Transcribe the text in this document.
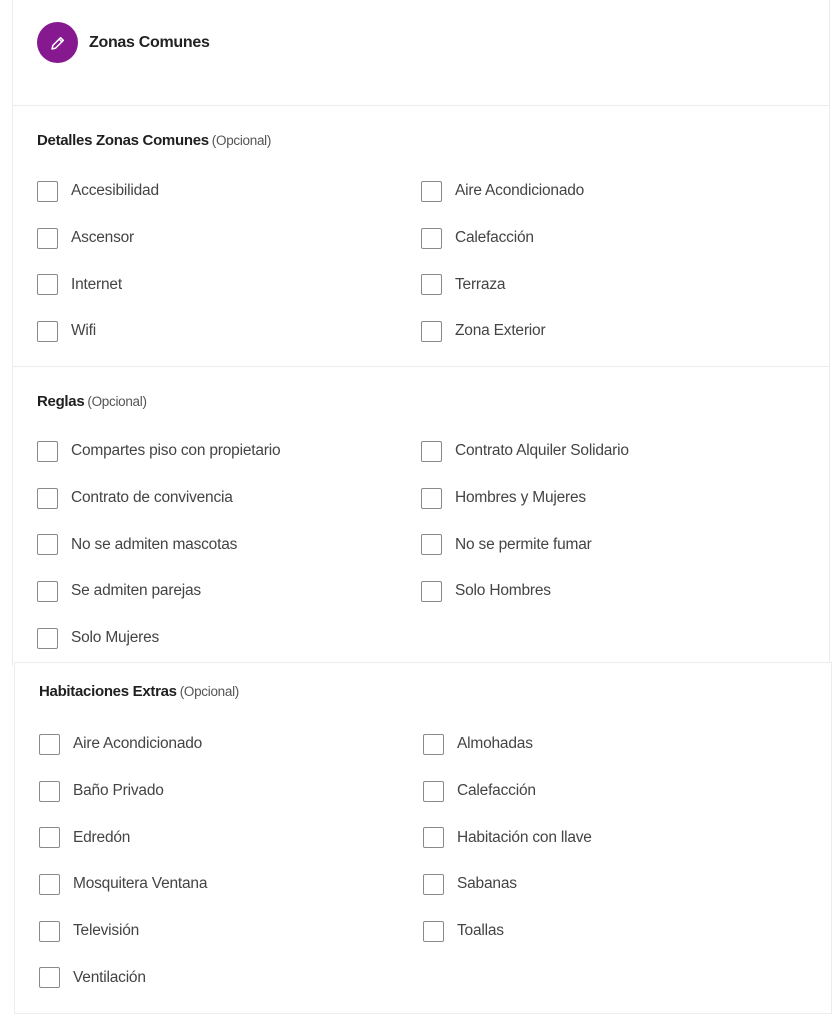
Zonas Comunes
Detalles Zonas Comunes (Opcional)
Accesibilidad	Aire Acondicionado
Ascensor	Calefacción
Internet	Terraza
Wifi	Zona Exterior
Reglas (Opcional)
Compartes piso con propietario	Contrato Alquiler Solidario
Contrato de convivencia	Hombres y Mujeres
No se admiten mascotas	No se permite fumar
Se admiten parejas	Solo Hombres
Solo Mujeres
Habitaciones Extras (Opcional)
Aire Acondicionado	Almohadas
Baño Privado	Calefacción
Edredón	Habitación con llave
Mosquitera Ventana	Sabanas
Televisión	Toallas
Ventilación
